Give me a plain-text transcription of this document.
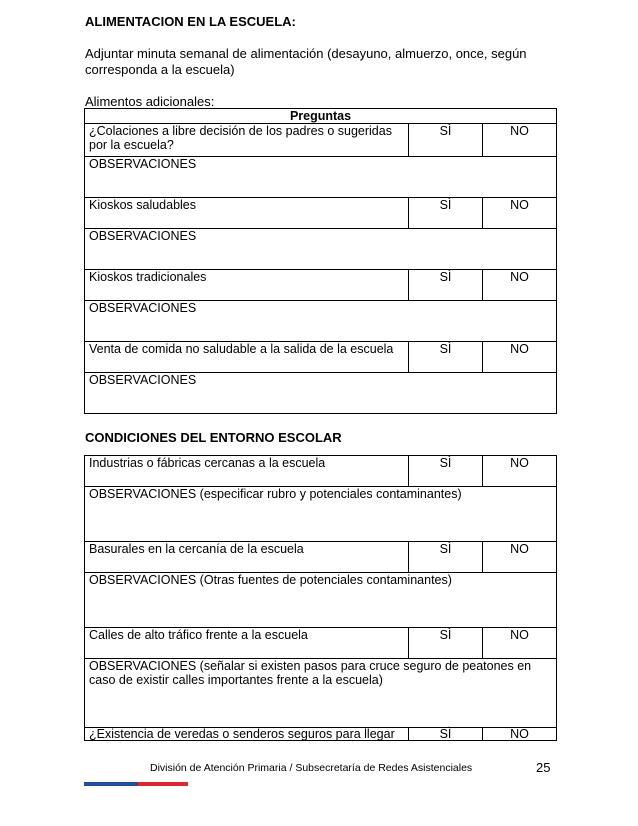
ALIMENTACION EN LA ESCUELA:
Adjuntar minuta semanal de alimentación (desayuno, almuerzo, once, según corresponda a la escuela)
Alimentos adicionales:
Preguntas		
¿Colaciones a libre decisión de los padres o sugeridas por la escuela?	SÌ	NO
OBSERVACIONES		
Kioskos saludables	SÌ	NO
OBSERVACIONES		
Kioskos tradicionales	SÌ	NO
OBSERVACIONES		
Venta de comida no saludable a la salida de la escuela	SÌ	NO
OBSERVACIONES		
CONDICIONES DEL ENTORNO ESCOLAR
Industrias o fábricas cercanas a la escuela	SÌ	NO
OBSERVACIONES (especificar rubro y potenciales contaminantes)		
Basurales en la cercanía de la escuela	SÌ	NO
OBSERVACIONES (Otras fuentes de potenciales contaminantes)		
Calles de alto tráfico frente a la escuela	SÌ	NO
OBSERVACIONES (señalar si existen pasos para cruce seguro de peatones en caso de existir calles importantes frente a la escuela)		
¿Existencia de veredas o senderos seguros para llegar	SÌ	NO
División de Atención Primaria / Subsecretaría de Redes Asistenciales	25
